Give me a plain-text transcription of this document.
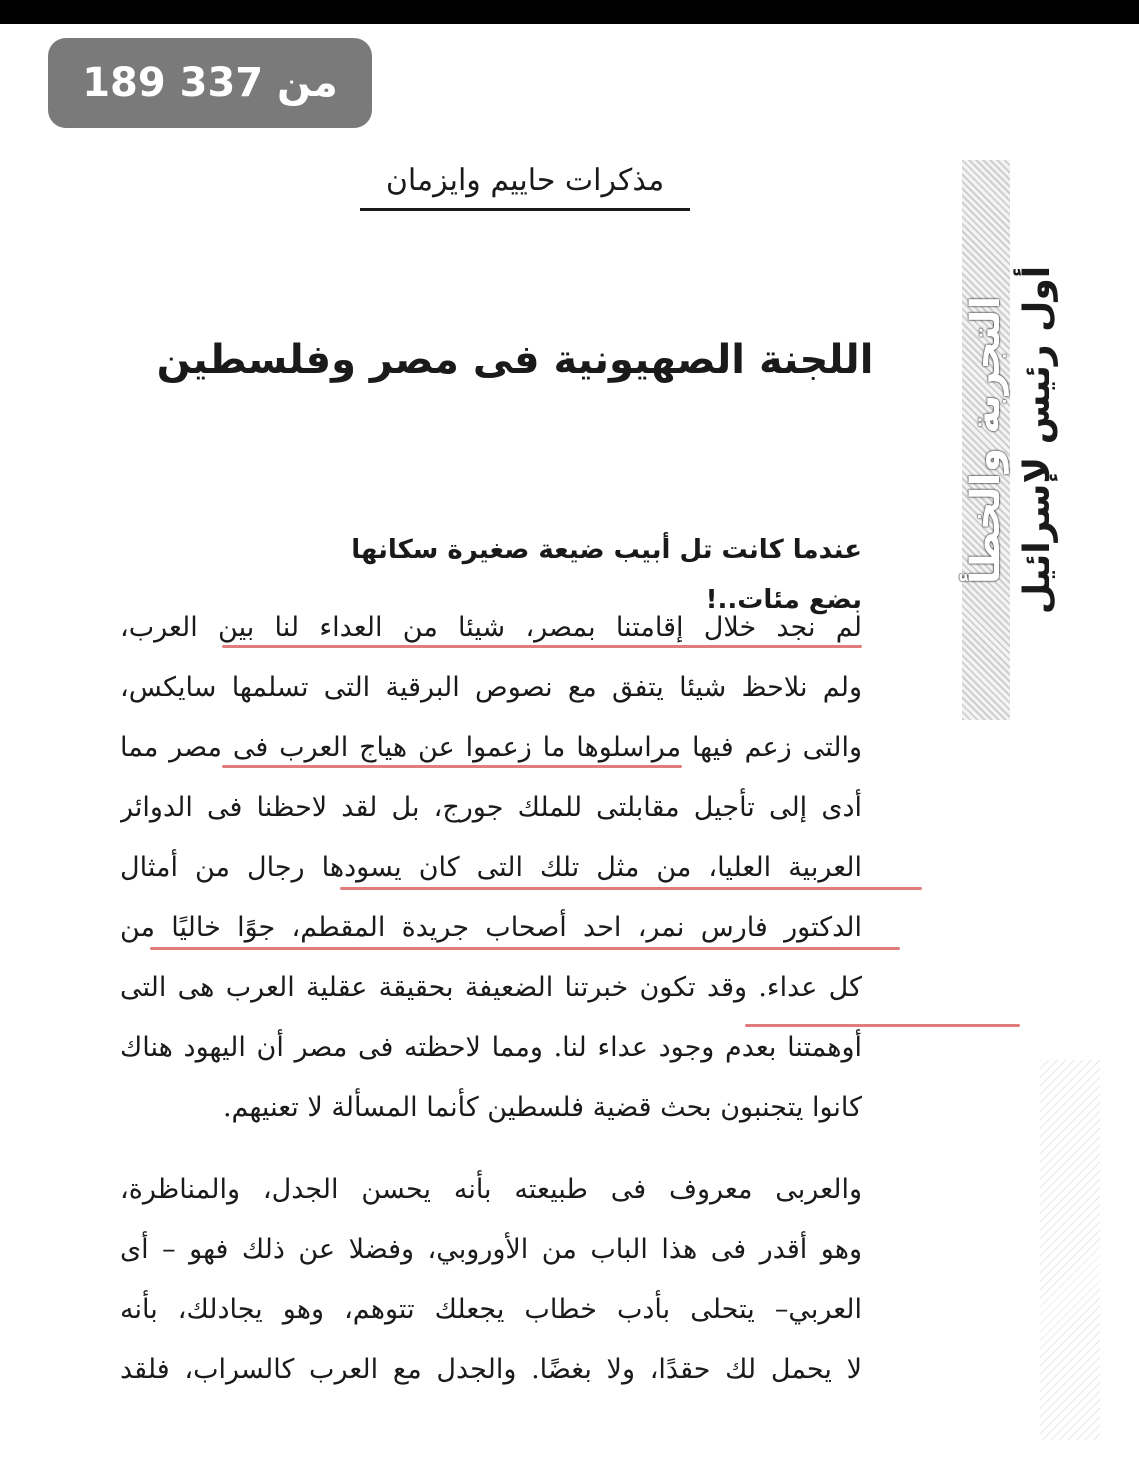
189 من 337
مذكرات حاييم وايزمان
التجربة والخطأ أول رئيس لإسرائيل
اللجنة الصهيونية فى مصر وفلسطين
عندما كانت تل أبيب ضيعة صغيرة سكانها بضع مئات..!
لم نجد خلال إقامتنا بمصر، شيئا من العداء لنا بين العرب،
ولم نلاحظ شيئا يتفق مع نصوص البرقية التى تسلمها سايكس،
والتى زعم فيها مراسلوها ما زعموا عن هياج العرب فى مصر مما
أدى إلى تأجيل مقابلتى للملك جورج، بل لقد لاحظنا فى الدوائر
العربية العليا، من مثل تلك التى كان يسودها رجال من أمثال
الدكتور فارس نمر، احد أصحاب جريدة المقطم، جوًا خاليًا من
كل عداء. وقد تكون خبرتنا الضعيفة بحقيقة عقلية العرب هى التى
أوهمتنا بعدم وجود عداء لنا. ومما لاحظته فى مصر أن اليهود هناك
كانوا يتجنبون بحث قضية فلسطين كأنما المسألة لا تعنيهم.
والعربى معروف فى طبيعته بأنه يحسن الجدل، والمناظرة،
وهو أقدر فى هذا الباب من الأوروبي، وفضلا عن ذلك فهو – أى
العربي– يتحلى بأدب خطاب يجعلك تتوهم، وهو يجادلك، بأنه
لا يحمل لك حقدًا، ولا بغضًا. والجدل مع العرب كالسراب، فلقد
